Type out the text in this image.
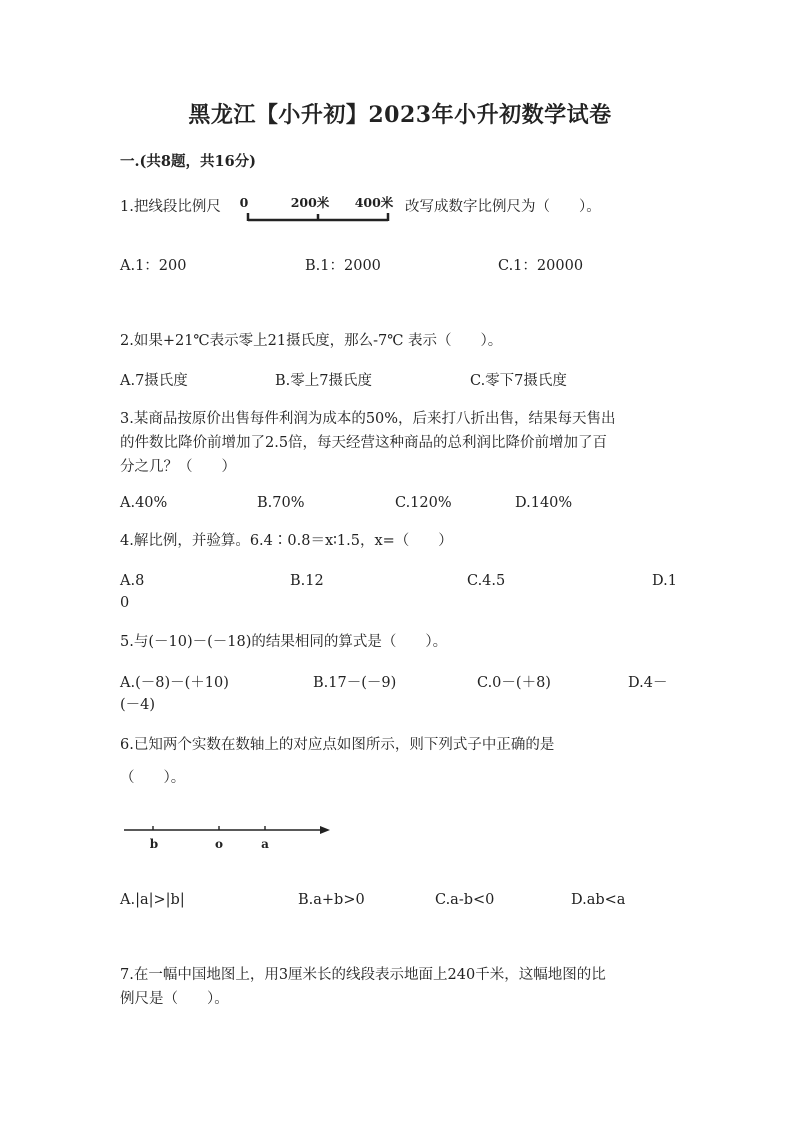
黑龙江【小升初】2023年小升初数学试卷
一.(共8题，共16分)
1.把线段比例尺	0	200米 400米 改写成数字比例尺为（　　）。
A.1：200	B.1：2000	C.1：20000
2.如果+21℃表示零上21摄氏度，那么-7℃ 表示（　　）。
A.7摄氏度	B.零上7摄氏度	C.零下7摄氏度
3.某商品按原价出售每件利润为成本的50%，后来打八折出售，结果每天售出
的件数比降价前增加了2.5倍，每天经营这种商品的总利润比降价前增加了百
分之几？（　　）
A.40%	B.70%	C.120%	D.140%
4.解比例，并验算。6.4∶0.8＝x∶1.5，x=（　　）
A.8	B.12	C.4.5	D.1
0
5.与(－10)－(－18)的结果相同的算式是（　　）。
A.(－8)－(＋10)	B.17－(－9)	C.0－(＋8)	D.4－
(－4)
6.已知两个实数在数轴上的对应点如图所示，则下列式子中正确的是
（　　）。
b	o	a
A.|a|>|b|	B.a+b>0	C.a-b<0	D.ab<a
7.在一幅中国地图上，用3厘米长的线段表示地面上240千米，这幅地图的比
例尺是（　　）。
